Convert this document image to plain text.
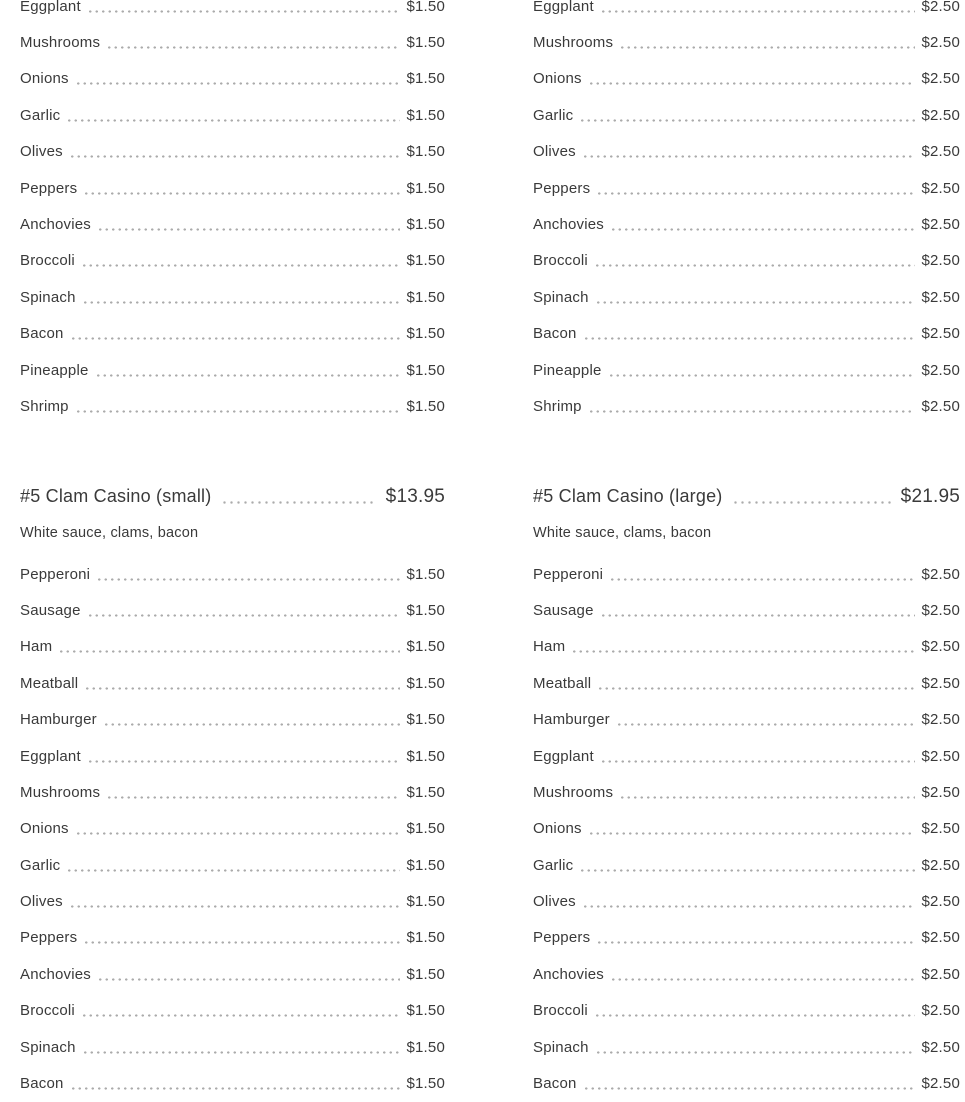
Eggplant	$1.50
Mushrooms	$1.50
Onions	$1.50
Garlic	$1.50
Olives	$1.50
Peppers	$1.50
Anchovies	$1.50
Broccoli	$1.50
Spinach	$1.50
Bacon	$1.50
Pineapple	$1.50
Shrimp	$1.50
#5 Clam Casino (small)	$13.95
White sauce, clams, bacon
Pepperoni	$1.50
Sausage	$1.50
Ham	$1.50
Meatball	$1.50
Hamburger	$1.50
Eggplant	$1.50
Mushrooms	$1.50
Onions	$1.50
Garlic	$1.50
Olives	$1.50
Peppers	$1.50
Anchovies	$1.50
Broccoli	$1.50
Spinach	$1.50
Bacon	$1.50
Eggplant	$2.50
Mushrooms	$2.50
Onions	$2.50
Garlic	$2.50
Olives	$2.50
Peppers	$2.50
Anchovies	$2.50
Broccoli	$2.50
Spinach	$2.50
Bacon	$2.50
Pineapple	$2.50
Shrimp	$2.50
#5 Clam Casino (large)	$21.95
White sauce, clams, bacon
Pepperoni	$2.50
Sausage	$2.50
Ham	$2.50
Meatball	$2.50
Hamburger	$2.50
Eggplant	$2.50
Mushrooms	$2.50
Onions	$2.50
Garlic	$2.50
Olives	$2.50
Peppers	$2.50
Anchovies	$2.50
Broccoli	$2.50
Spinach	$2.50
Bacon	$2.50
